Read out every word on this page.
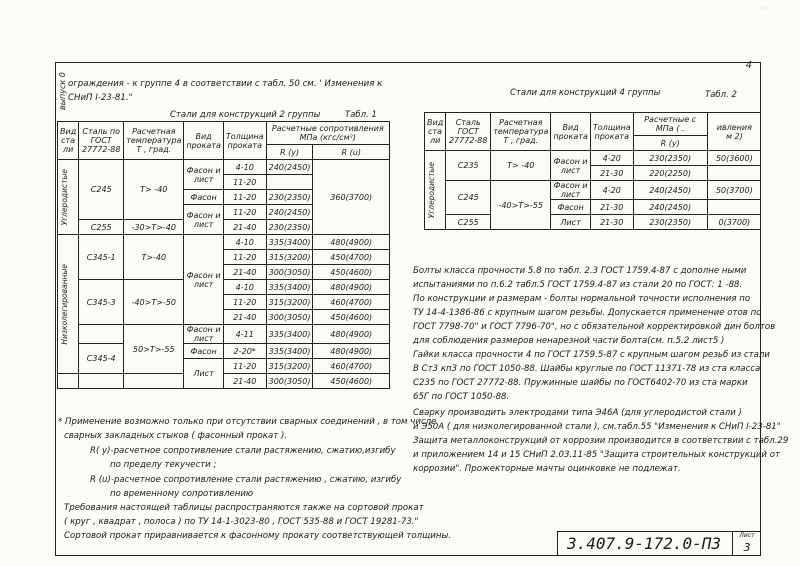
· ·
4
выпуск 0 ограждения - к группе 4 в соответствии с табл. 50 см. ' Изменения к
СНиП I-23-81."
Стали для конструкций 2 группы	Табл. 1
Вид
ста
ли	Сталь по
ГОСТ
27772-88	Расчетная
температура
Т , град.	Вид
проката	Толщина
проката	Расчетные сопротивления
МПа (кгс/см²)	
					R (y)	R (u)

Углеродистые	С245	Т> -40	Фасон и лист	4-10	240(2450)	360(3700)
				11-20		
			Фасон	11-20	230(2350)	
			Фасон и лист	11-20	240(2450)	
	С255	-30>Т>-40		21-40	230(2350)	

Низколегированные	С345-1	Т>-40	Фасон и лист	4-10	335(3400)	480(4900)
				11-20	315(3200)	450(4700)
				21-40	300(3050)	450(4600)
	С345-3	-40>Т>-50		4-10	335(3400)	480(4900)
				11-20	315(3200)	460(4700)
				21-40	300(3050)	450(4600)
		50>Т>-55	Фасон и лист	4-11	335(3400)	480(4900)

	С345-4		Фасон	2-20*	335(3400)	480(4900)
			Лист	11-20	315(3200)	460(4700)
				21-40	300(3050)	450(4600)
Стали для конструкций 4 группы	Табл. 2
Вид
ста
ли	Сталь
ГОСТ
27772-88	Расчетная
температура
Т , град.	Вид
проката	Толщина
проката	Расчетные с
МПа ( .	ивления
м 2)
					R (y)	

Углеродистые	С235	Т> -40	Фасон и лист	4-20	230(2350)	50(3600)
				21-30	220(2250)	
	С245	-40>Т>-55	Фасон и лист	4-20	240(2450)	50(3700)
			Фасон	21-30	240(2450)	
	С255		Лист	21-30	230(2350)	0(3700)
Болты класса прочности 5.8 по табл. 2.3 ГОСТ 1759.4-87 с дополне ными
испытаниями по п.6.2 табл.5 ГОСТ 1759.4-87 из стали 20 по ГОСТ: 1 -88.
По конструкции и размерам - болты нормальной точности исполнения по
ТУ 14-4-1386-86 с крупным шагом резьбы. Допускается применение отов по
ГОСТ 7798-70" и ГОСТ 7796-70", но с обязательной корректировкой дин болтов
для соблюдения размеров ненарезной части болта(см. п.5.2 лист5 )
Гайки класса прочности 4 по ГОСТ 1759.5-87 с крупным шагом резьб из стали
В Ст3 кп3 по ГОСТ 1050-88. Шайбы круглые по ГОСТ 11371-78 из ста класса
С235 по ГОСТ 27772-88. Пружинные шайбы по ГОСТ6402-70 из ста марки
65Г по ГОСТ 1050-88.
Сварку производить электродами типа Э46А (для углеродистой стали )
и Э50А ( для низколегированной стали ), см.табл.55 "Изменения к СНиП I-23-81"
Защита металлоконструкций от коррозии производится в соответствии с табл.29
и приложением 14 и 15 СНиП 2.03.11-85 "Защита строительных конструкций от
коррозии". Прожекторные мачты оцинковке не подлежат.
* Применение возможно только при отсутствии сварных соединений , в том числе
сварных закладных стыков ( фасонный прокат ).
R( y)-расчетное сопротивление стали растяжению, сжатию,изгибу
по пределу текучести ;
R (u)-расчетное сопротивление стали растяжению , сжатию, изгибу
по временному сопротивлению
Требования настоящей таблицы распространяются также на сортовой прокат
( круг , квадрат , полоса ) по ТУ 14-1-3023-80 , ГОСТ 535-88 и ГОСТ 19281-73."
Сортовой прокат приравнивается к фасонному прокату соответствующей толщины.	3.407.9-172.0-ПЗ	Лист
3
